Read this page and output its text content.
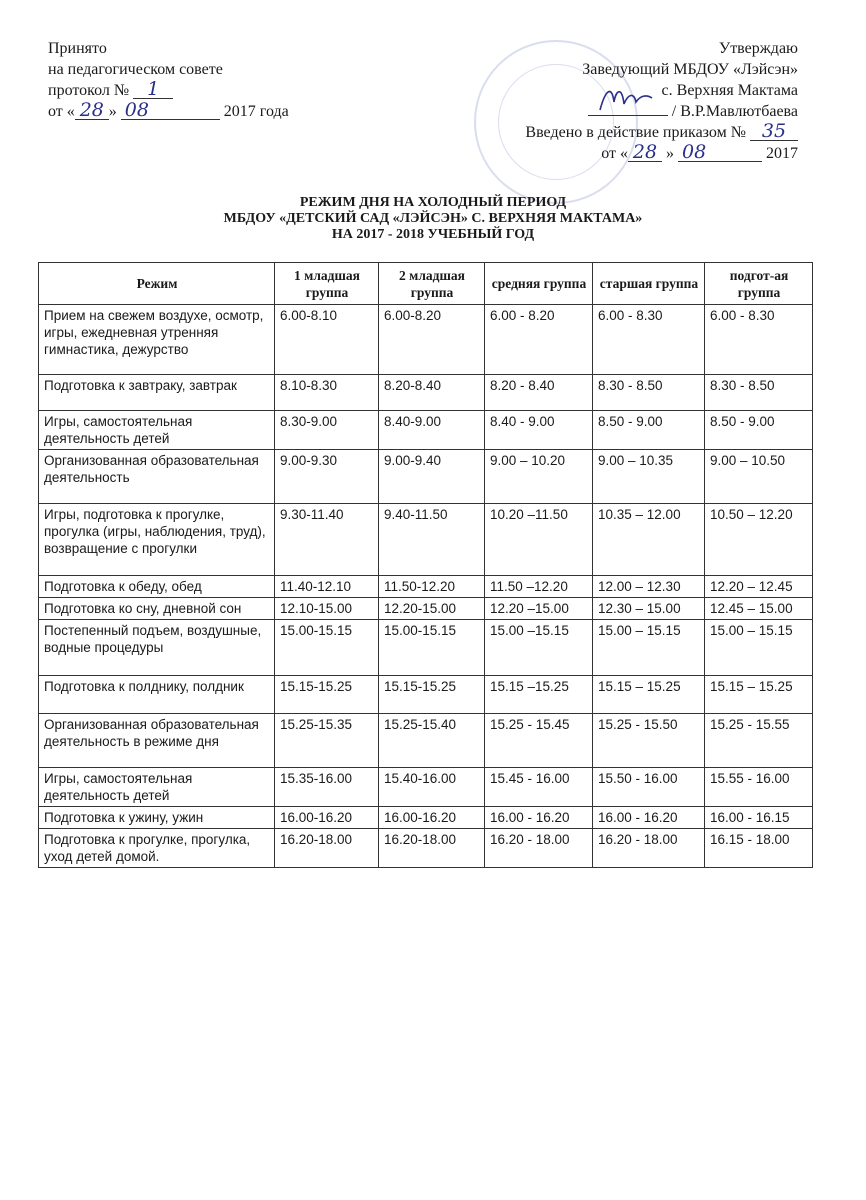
Принято
на педагогическом совете
протокол № 1
от « 28 » 08	2017 года
Утверждаю
Заведующий МБДОУ «Лэйсэн»
с. Верхняя Мактама
/ В.Р.Мавлютбаева
Введено в действие приказом № 35
от « 28 » 08	2017
РЕЖИМ ДНЯ НА ХОЛОДНЫЙ ПЕРИОД
МБДОУ «ДЕТСКИЙ САД «ЛЭЙСЭН» С. ВЕРХНЯЯ МАКТАМА»
НА 2017 - 2018 УЧЕБНЫЙ ГОД
Режим	1 младшая группа	2 младшая группа	средняя группа	старшая группа	подгот-ая группа
Прием на свежем воздухе, осмотр, игры, ежедневная утренняя гимнастика, дежурство	6.00-8.10	6.00-8.20	6.00 - 8.20	6.00 - 8.30	6.00 - 8.30
Подготовка к завтраку, завтрак	8.10-8.30	8.20-8.40	8.20 - 8.40	8.30 - 8.50	8.30 - 8.50
Игры, самостоятельная деятельность детей	8.30-9.00	8.40-9.00	8.40 - 9.00	8.50 - 9.00	8.50 - 9.00
Организованная образовательная деятельность	9.00-9.30	9.00-9.40	9.00 – 10.20	9.00 – 10.35	9.00 – 10.50
Игры, подготовка к прогулке, прогулка (игры, наблюдения, труд), возвращение с прогулки	9.30-11.40	9.40-11.50	10.20 –11.50	10.35 – 12.00	10.50 – 12.20
Подготовка к обеду, обед	11.40-12.10	11.50-12.20	11.50 –12.20	12.00 – 12.30	12.20 – 12.45
Подготовка ко сну, дневной сон	12.10-15.00	12.20-15.00	12.20 –15.00	12.30 – 15.00	12.45 – 15.00
Постепенный подъем, воздушные, водные процедуры	15.00-15.15	15.00-15.15	15.00 –15.15	15.00 – 15.15	15.00 – 15.15
Подготовка к полднику, полдник	15.15-15.25	15.15-15.25	15.15 –15.25	15.15 – 15.25	15.15 – 15.25
Организованная образовательная деятельность в режиме дня	15.25-15.35	15.25-15.40	15.25 - 15.45	15.25 - 15.50	15.25 - 15.55
Игры, самостоятельная деятельность детей	15.35-16.00	15.40-16.00	15.45 - 16.00	15.50 - 16.00	15.55 - 16.00
Подготовка к ужину, ужин	16.00-16.20	16.00-16.20	16.00 - 16.20	16.00 - 16.20	16.00 - 16.15
Подготовка к прогулке, прогулка, уход детей домой.	16.20-18.00	16.20-18.00	16.20 - 18.00	16.20 - 18.00	16.15 - 18.00
